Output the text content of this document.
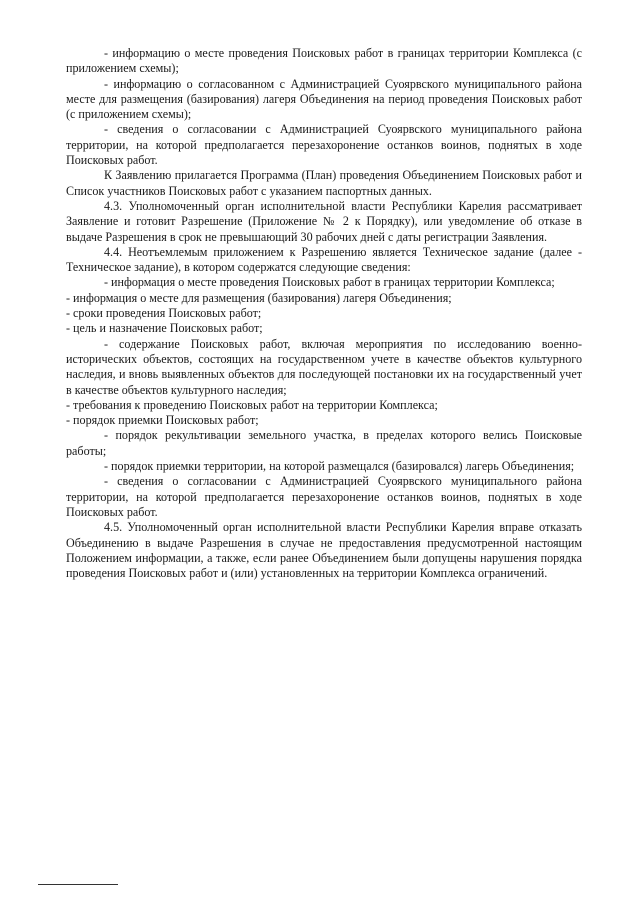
- информацию о месте проведения Поисковых работ в границах территории Комплекса (с приложением схемы);

- информацию о согласованном с Администрацией Суоярвского муниципального района месте для размещения (базирования) лагеря Объединения на период проведения Поисковых работ (с приложением схемы);

- сведения о согласовании с Администрацией Суоярвского муниципального района территории, на которой предполагается перезахоронение останков воинов, поднятых в ходе Поисковых работ.

К Заявлению прилагается Программа (План) проведения Объединением Поисковых работ и Список участников Поисковых работ с указанием паспортных данных.

4.3. Уполномоченный орган исполнительной власти Республики Карелия рассматривает Заявление и готовит Разрешение (Приложение № 2 к Порядку), или уведомление об отказе в выдаче Разрешения в срок не превышающий 30 рабочих дней с даты регистрации Заявления.

4.4. Неотъемлемым приложением к Разрешению является Техническое задание (далее - Техническое задание), в котором содержатся следующие сведения:

- информация о месте проведения Поисковых работ в границах территории Комплекса;

- информация о месте для размещения (базирования) лагеря Объединения;

- сроки проведения Поисковых работ;

- цель и назначение Поисковых работ;

- содержание Поисковых работ, включая мероприятия по исследованию военно-исторических объектов, состоящих на государственном учете в качестве объектов культурного наследия, и вновь выявленных объектов для последующей постановки их на государственный учет в качестве объектов культурного наследия;

- требования к проведению Поисковых работ на территории Комплекса;

- порядок приемки Поисковых работ;

- порядок рекультивации земельного участка, в пределах которого велись Поисковые работы;

- порядок приемки территории, на которой размещался (базировался) лагерь Объединения;

- сведения о согласовании с Администрацией Суоярвского муниципального района территории, на которой предполагается перезахоронение останков воинов, поднятых в ходе Поисковых работ.

4.5. Уполномоченный орган исполнительной власти Республики Карелия вправе отказать Объединению в выдаче Разрешения в случае не предоставления предусмотренной настоящим Положением информации, а также, если ранее Объединением были допущены нарушения порядка проведения Поисковых работ и (или) установленных на территории Комплекса ограничений.
